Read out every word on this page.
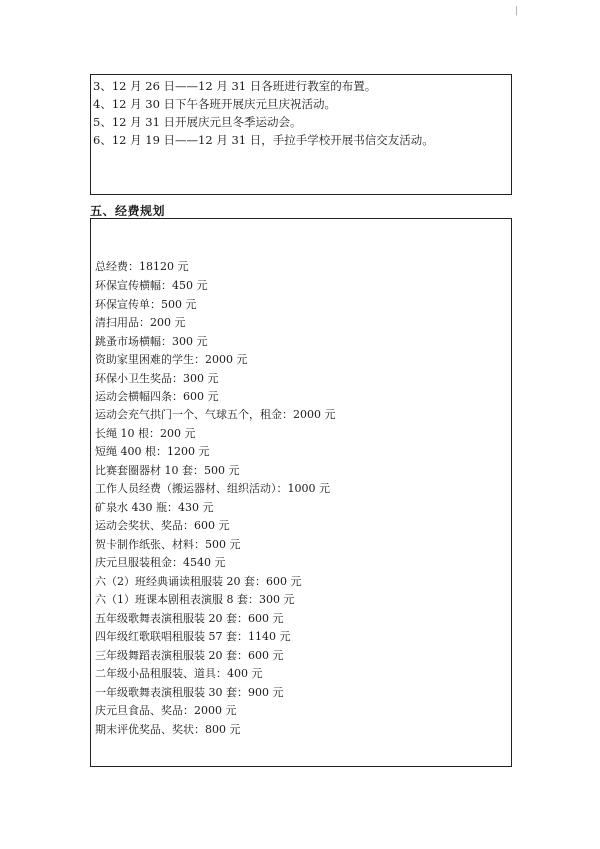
|
3、12 月 26 日——12 月 31 日各班进行教室的布置。
4、12 月 30 日下午各班开展庆元旦庆祝活动。
5、12 月 31 日开展庆元旦冬季运动会。
6、12 月 19 日——12 月 31 日，手拉手学校开展书信交友活动。
五、经费规划
总经费：18120 元
环保宣传横幅：450 元
环保宣传单：500 元
清扫用品：200 元
跳蚤市场横幅：300 元
资助家里困难的学生：2000 元
环保小卫生奖品：300 元
运动会横幅四条：600 元
运动会充气拱门一个、气球五个，租金：2000 元
长绳 10 根：200 元
短绳 400 根：1200 元
比赛套圈器材 10 套：500 元
工作人员经费（搬运器材、组织活动）：1000 元
矿泉水 430 瓶：430 元
运动会奖状、奖品：600 元
贺卡制作纸张、材料：500 元
庆元旦服装租金：4540 元
六（2）班经典诵读租服装 20 套：600 元
六（1）班课本剧租表演服 8 套：300 元
五年级歌舞表演租服装 20 套：600 元
四年级红歌联唱租服装 57 套：1140 元
三年级舞蹈表演租服装 20 套：600 元
二年级小品租服装、道具：400 元
一年级歌舞表演租服装 30 套：900 元
庆元旦食品、奖品：2000 元
期末评优奖品、奖状：800 元
